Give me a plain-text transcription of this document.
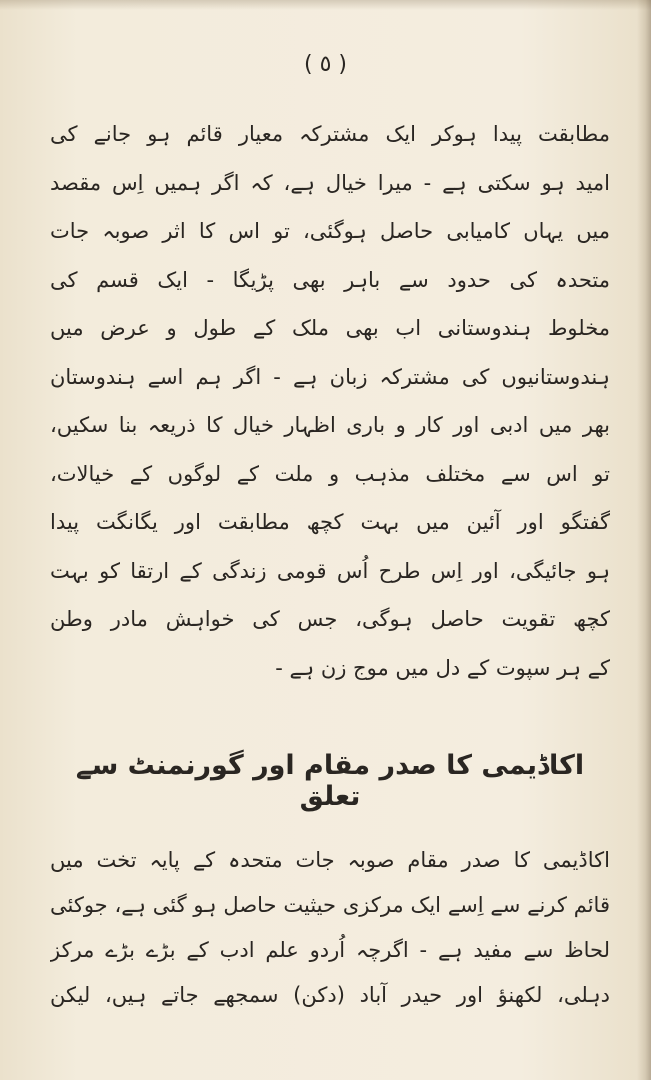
( ٥ )
مطابقت پیدا ہوکر ایک مشترکہ معیار قائم ہو جانے کی
امید ہو سکتی ہے - میرا خیال ہے، کہ اگر ہمیں اِس مقصد
میں یہاں کامیابی حاصل ہوگئی، تو اس کا اثر صوبہ جات
متحدہ کی حدود سے باہر بھی پڑیگا - ایک قسم کی
مخلوط ہندوستانی اب بھی ملک کے طول و عرض میں
ہندوستانیوں کی مشترکہ زبان ہے - اگر ہم اسے ہندوستان
بھر میں ادبی اور کار و باری اظہار خیال کا ذریعہ بنا سکیں،
تو اس سے مختلف مذہب و ملت کے لوگوں کے خیالات،
گفتگو اور آئین میں بہت کچھ مطابقت اور یگانگت پیدا
ہو جائیگی، اور اِس طرح اُس قومی زندگی کے ارتقا کو بہت
کچھ تقویت حاصل ہوگی، جس کی خواہش مادر وطن
کے ہر سپوت کے دل میں موج زن ہے -
اکاڈیمی کا صدر مقام اور گورنمنٹ سے تعلق
اکاڈیمی کا صدر مقام صوبہ جات متحدہ کے پایہ تخت میں
قائم کرنے سے اِسے ایک مرکزی حیثیت حاصل ہو گئی ہے، جوکئی
لحاظ سے مفید ہے - اگرچہ اُردو علم ادب کے بڑے بڑے مرکز
دہلی، لکھنؤ اور حیدر آباد (دکن) سمجھے جاتے ہیں، لیکن
